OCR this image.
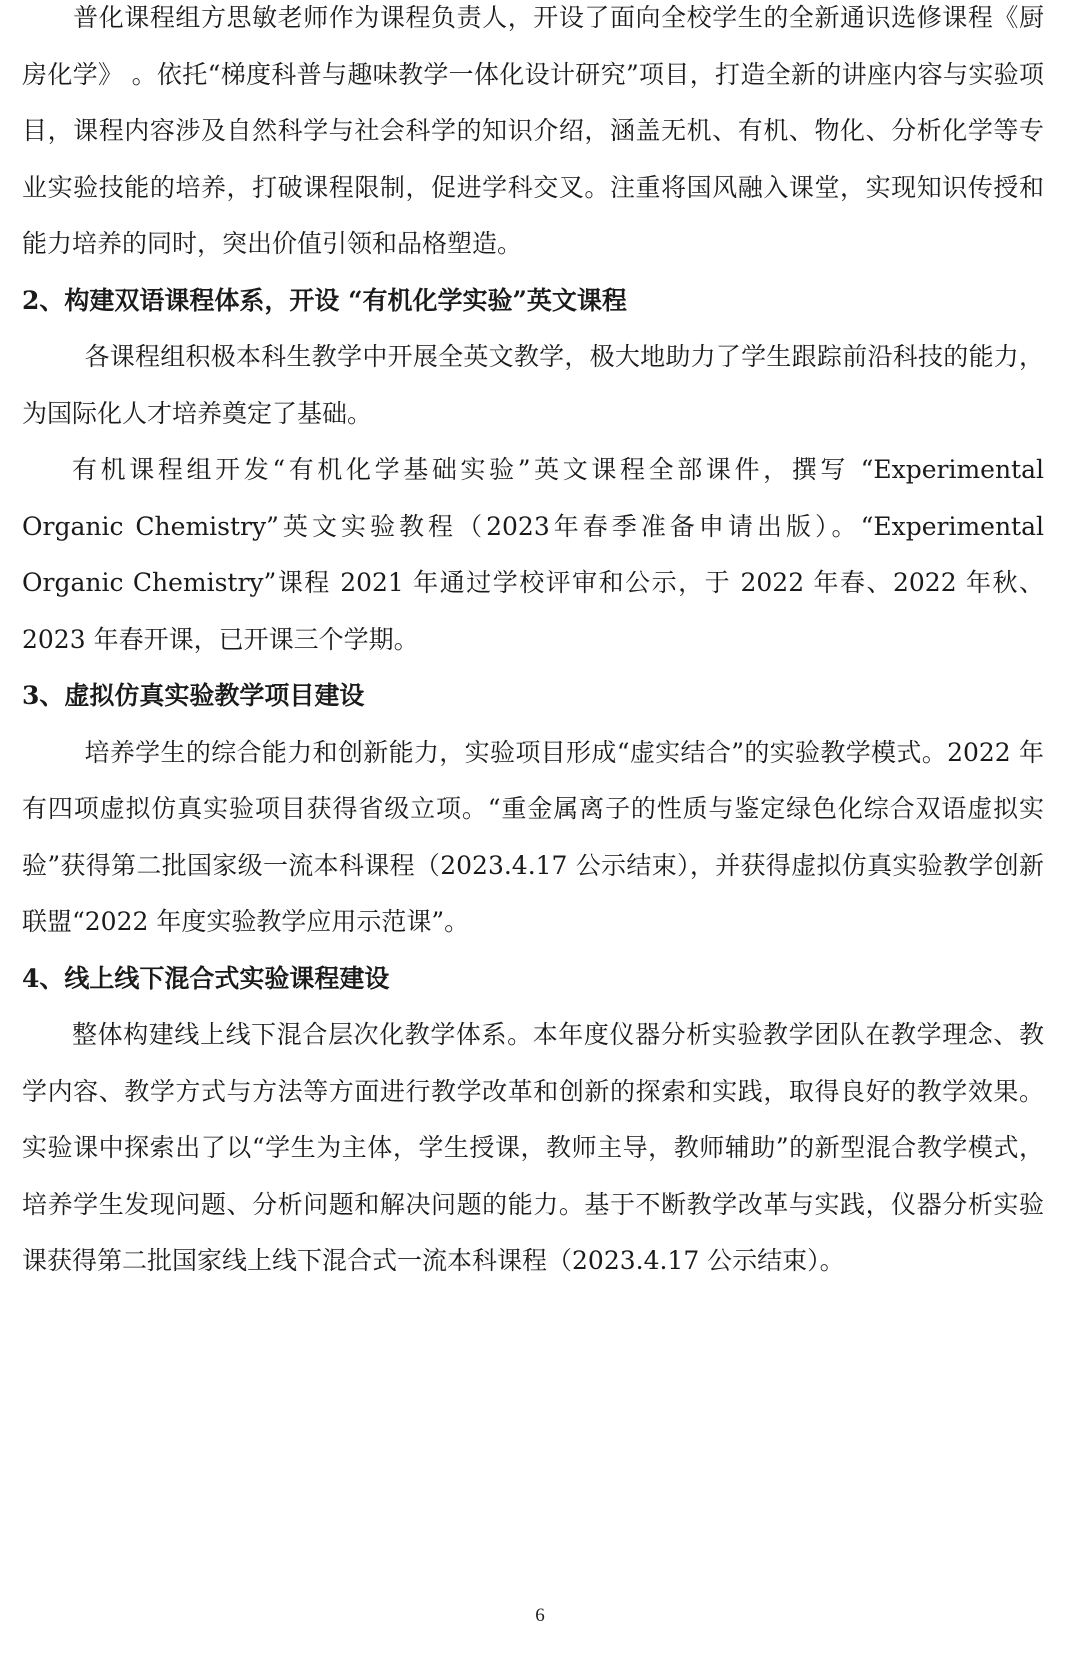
　　普化课程组方思敏老师作为课程负责人，开设了面向全校学生的全新通识选修课程《厨房化学》 。依托“梯度科普与趣味教学一体化设计研究”项目，打造全新的讲座内容与实验项目，课程内容涉及自然科学与社会科学的知识介绍，涵盖无机、有机、物化、分析化学等专业实验技能的培养，打破课程限制，促进学科交叉。注重将国风融入课堂，实现知识传授和能力培养的同时，突出价值引领和品格塑造。

2、构建双语课程体系，开设 “有机化学实验”英文课程

各课程组积极本科生教学中开展全英文教学，极大地助力了学生跟踪前沿科技的能力，为国际化人才培养奠定了基础。

有机课程组开发“有机化学基础实验”英文课程全部课件，撰写 “Experimental Organic Chemistry”英文实验教程（2023年春季准备申请出版）。“Experimental Organic Chemistry”课程 2021 年通过学校评审和公示，于 2022 年春、2022 年秋、2023 年春开课，已开课三个学期。

3、虚拟仿真实验教学项目建设

培养学生的综合能力和创新能力，实验项目形成“虚实结合”的实验教学模式。2022 年有四项虚拟仿真实验项目获得省级立项。“重金属离子的性质与鉴定绿色化综合双语虚拟实验”获得第二批国家级一流本科课程（2023.4.17 公示结束），并获得虚拟仿真实验教学创新联盟“2022 年度实验教学应用示范课”。

4、线上线下混合式实验课程建设

整体构建线上线下混合层次化教学体系。本年度仪器分析实验教学团队在教学理念、教学内容、教学方式与方法等方面进行教学改革和创新的探索和实践，取得良好的教学效果。实验课中探索出了以“学生为主体，学生授课，教师主导，教师辅助”的新型混合教学模式，培养学生发现问题、分析问题和解决问题的能力。基于不断教学改革与实践，仪器分析实验课获得第二批国家线上线下混合式一流本科课程（2023.4.17 公示结束）。

6
